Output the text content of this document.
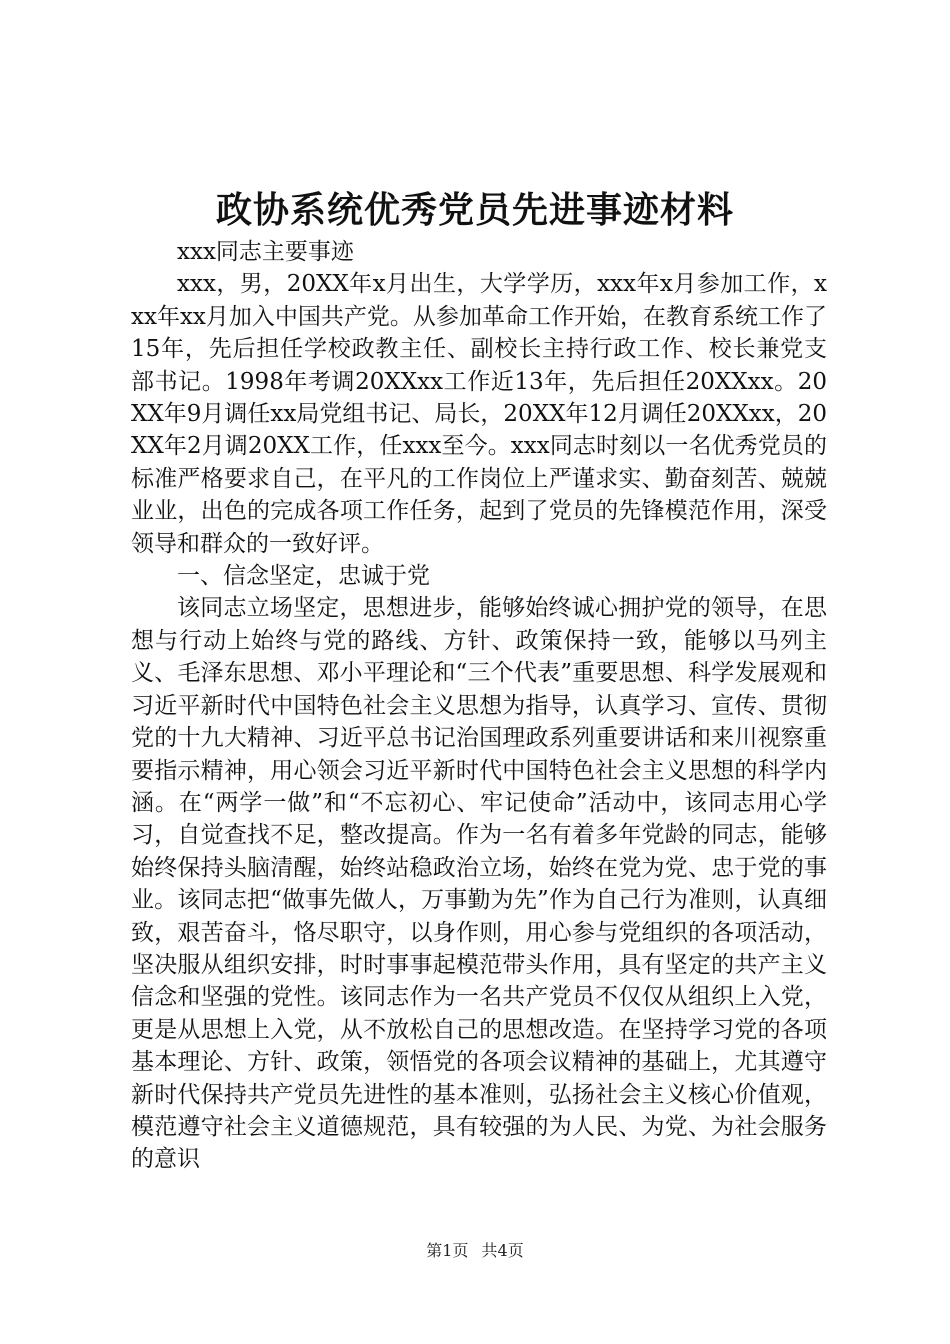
政协系统优秀党员先进事迹材料

xxx同志主要事迹

xxx，男，20XX年x月出生，大学学历，xxx年x月参加工作，xxx年xx月加入中国共产党。从参加革命工作开始，在教育系统工作了15年，先后担任学校政教主任、副校长主持行政工作、校长兼党支部书记。1998年考调20XXxx工作近13年，先后担任20XXxx。20XX年9月调任xx局党组书记、局长，20XX年12月调任20XXxx，20XX年2月调20XX工作，任xxx至今。xxx同志时刻以一名优秀党员的标准严格要求自己，在平凡的工作岗位上严谨求实、勤奋刻苦、兢兢业业，出色的完成各项工作任务，起到了党员的先锋模范作用，深受领导和群众的一致好评。

一、信念坚定，忠诚于党

该同志立场坚定，思想进步，能够始终诚心拥护党的领导，在思想与行动上始终与党的路线、方针、政策保持一致，能够以马列主义、毛泽东思想、邓小平理论和“三个代表”重要思想、科学发展观和习近平新时代中国特色社会主义思想为指导，认真学习、宣传、贯彻党的十九大精神、习近平总书记治国理政系列重要讲话和来川视察重要指示精神，用心领会习近平新时代中国特色社会主义思想的科学内涵。在“两学一做”和“不忘初心、牢记使命”活动中，该同志用心学习，自觉查找不足，整改提高。作为一名有着多年党龄的同志，能够始终保持头脑清醒，始终站稳政治立场，始终在党为党、忠于党的事业。该同志把“做事先做人，万事勤为先”作为自己行为准则，认真细致，艰苦奋斗，恪尽职守，以身作则，用心参与党组织的各项活动，坚决服从组织安排，时时事事起模范带头作用，具有坚定的共产主义信念和坚强的党性。该同志作为一名共产党员不仅仅从组织上入党，更是从思想上入党，从不放松自己的思想改造。在坚持学习党的各项基本理论、方针、政策，领悟党的各项会议精神的基础上，尤其遵守新时代保持共产党员先进性的基本准则，弘扬社会主义核心价值观，模范遵守社会主义道德规范，具有较强的为人民、为党、为社会服务的意识

第1页 共4页
